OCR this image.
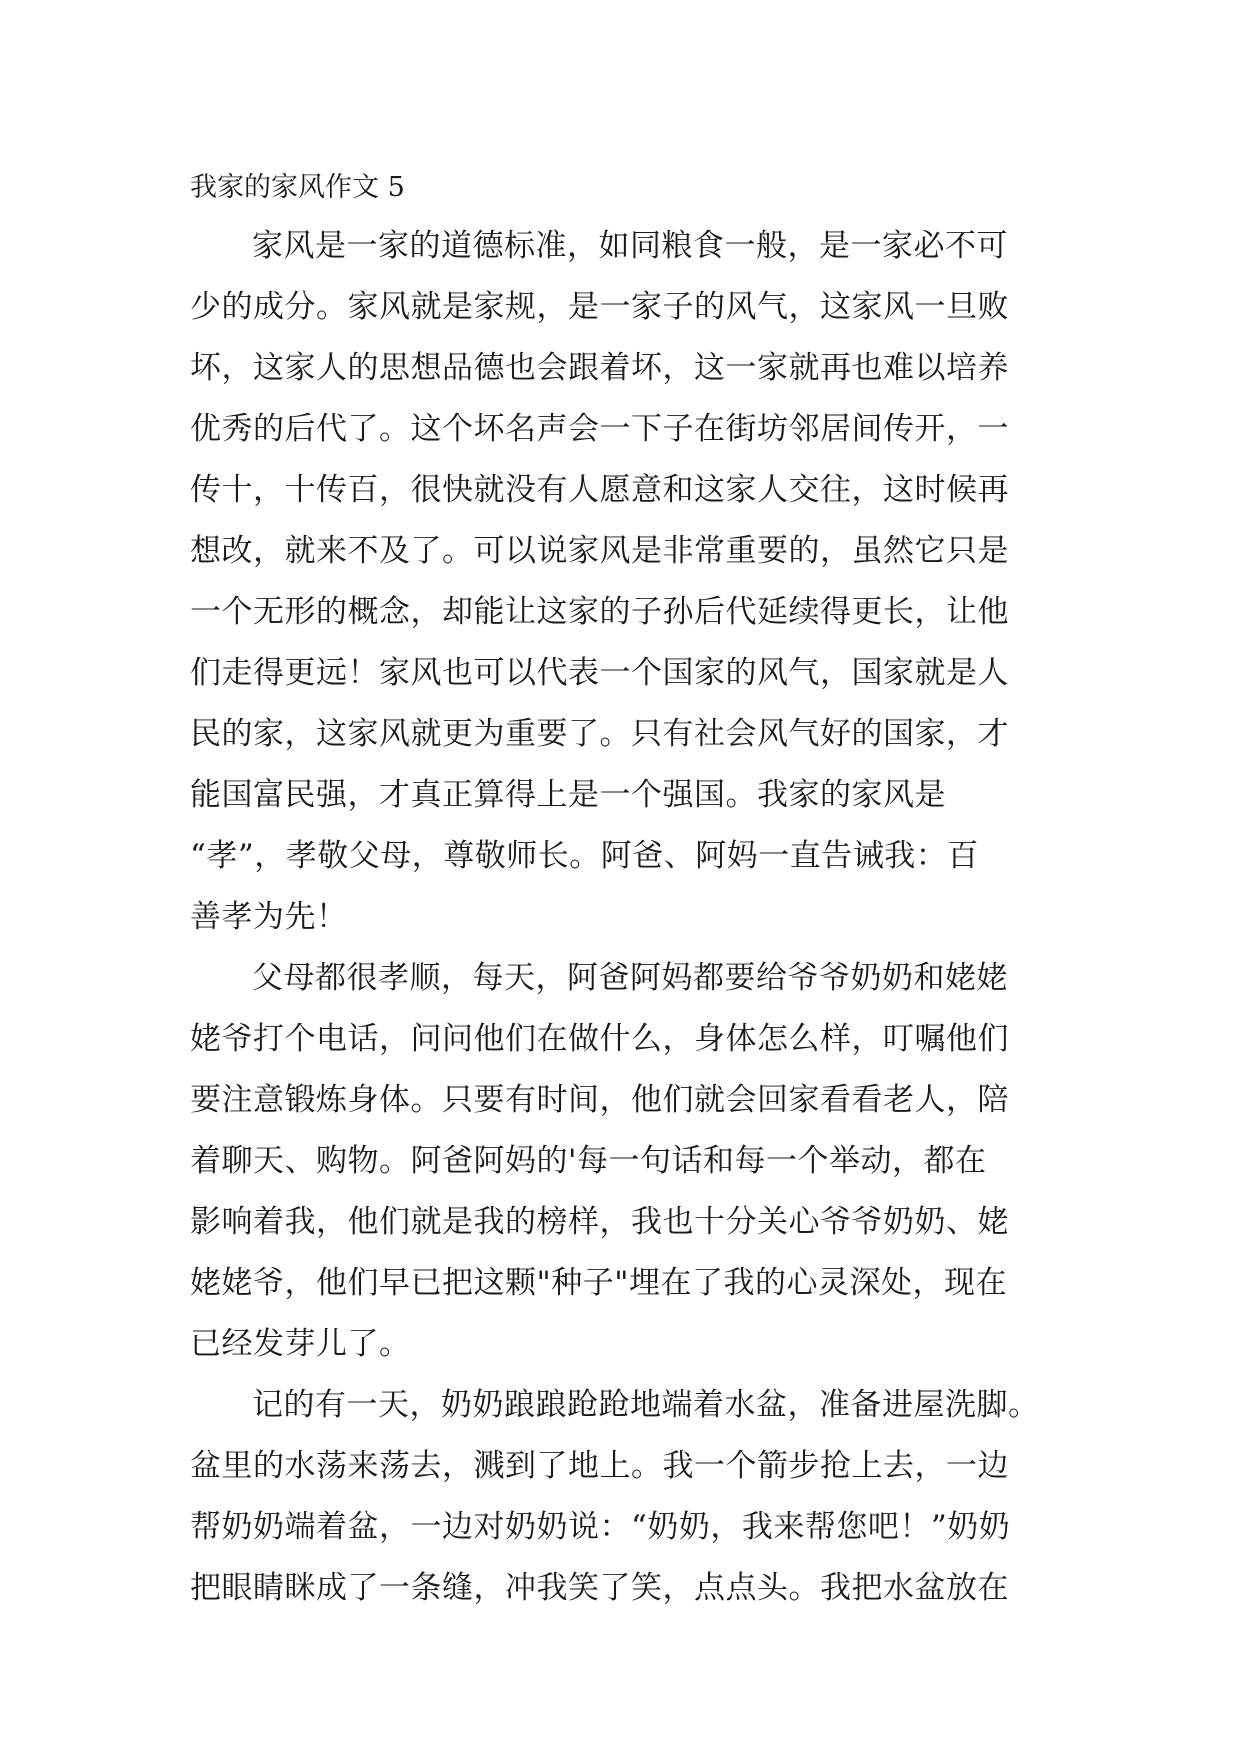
我家的家风作文 5
家风是一家的道德标准，如同粮食一般，是一家必不可
少的成分。家风就是家规，是一家子的风气，这家风一旦败
坏，这家人的思想品德也会跟着坏，这一家就再也难以培养
优秀的后代了。这个坏名声会一下子在街坊邻居间传开，一
传十，十传百，很快就没有人愿意和这家人交往，这时候再
想改，就来不及了。可以说家风是非常重要的，虽然它只是
一个无形的概念，却能让这家的子孙后代延续得更长，让他
们走得更远！家风也可以代表一个国家的风气，国家就是人
民的家，这家风就更为重要了。只有社会风气好的国家，才
能国富民强，才真正算得上是一个强国。我家的家风是
“孝”，孝敬父母，尊敬师长。阿爸、阿妈一直告诫我：百
善孝为先！
父母都很孝顺，每天，阿爸阿妈都要给爷爷奶奶和姥姥
姥爷打个电话，问问他们在做什么，身体怎么样，叮嘱他们
要注意锻炼身体。只要有时间，他们就会回家看看老人，陪
着聊天、购物。阿爸阿妈的'每一句话和每一个举动，都在
影响着我，他们就是我的榜样，我也十分关心爷爷奶奶、姥
姥姥爷，他们早已把这颗"种子"埋在了我的心灵深处，现在
已经发芽儿了。
记的有一天，奶奶踉踉跄跄地端着水盆，准备进屋洗脚。
盆里的水荡来荡去，溅到了地上。我一个箭步抢上去，一边
帮奶奶端着盆，一边对奶奶说：“奶奶，我来帮您吧！”奶奶
把眼睛眯成了一条缝，冲我笑了笑，点点头。我把水盆放在
